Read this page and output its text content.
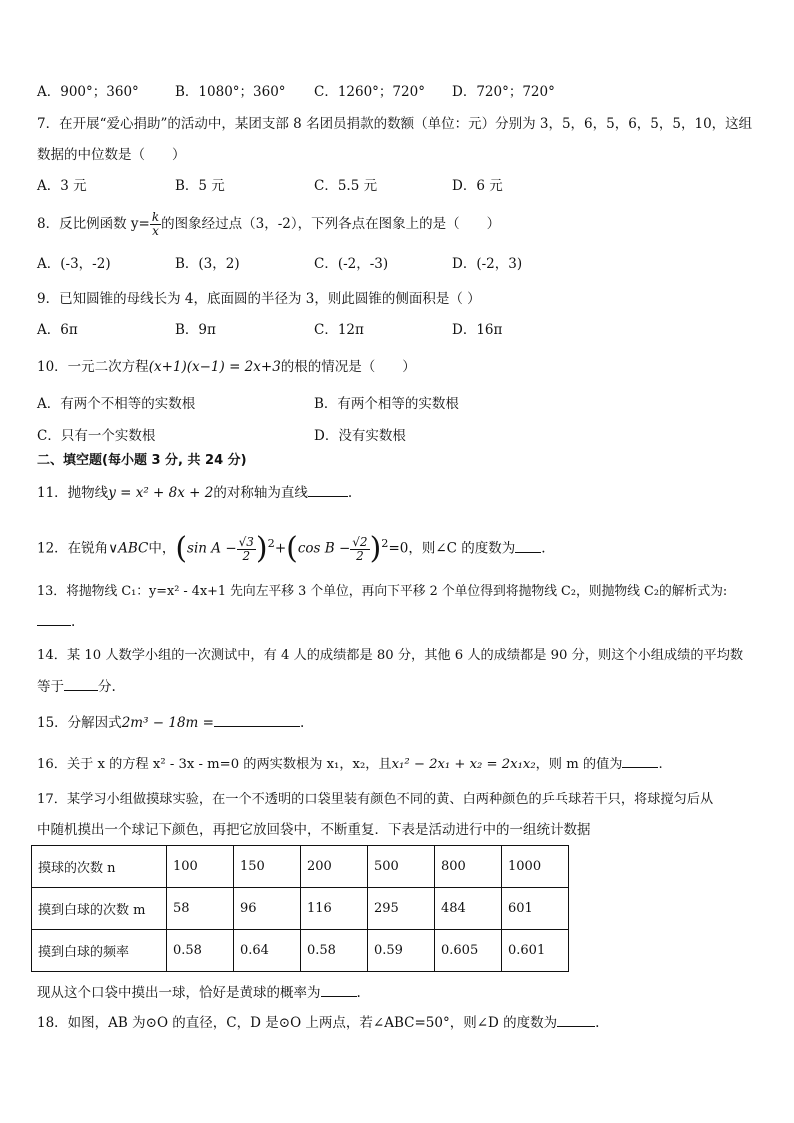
A．900°；360°	B．1080°；360° C．1260°；720° D．720°；720°
7．在开展“爱心捐助”的活动中，某团支部 8 名团员捐款的数额（单位：元）分别为 3，5，6，5，6，5，5，10，这组
数据的中位数是（　　）
A．3 元	B．5 元	C．5.5 元	D．6 元
8．反比例函数 $y= \frac{k}{x}$ 的图象经过点（3，-2），下列各点在图象上的是（　　）
A．(-3，-2)	B．(3，2)	C．(-2，-3)	D．(-2，3)
9．已知圆锥的母线长为 4，底面圆的半径为 3，则此圆锥的侧面积是（ ）
A．6π	B．9π	C．12π	D．16π
10．一元二次方程(x+1)(x−1) = 2x+3的根的情况是（　　）
A．有两个不相等的实数根	B．有两个相等的实数根
C．只有一个实数根	D．没有实数根
二、填空题(每小题 3 分, 共 24 分)
11．抛物线y = x² + 8x + 2的对称轴为直线	.
12．在锐角∨ABC中，(sin $A - \frac{√3}{2} )^2+(\cos$ $B - \frac{√2}{2} )^2=0$，则∠C 的度数为 .
13．将抛物线 C₁：y=x² - 4x+1 先向左平移 3 个单位，再向下平移 2 个单位得到将抛物线 C₂，则抛物线 C₂的解析式为:
.
14．某 10 人数学小组的一次测试中，有 4 人的成绩都是 80 分，其他 6 人的成绩都是 90 分，则这个小组成绩的平均数
等于	分.
15．分解因式2m³ − 18m =	.
16．关于 x 的方程 x² - 3x - m=0 的两实数根为 x₁，x₂，且x₁² − 2x₁ + x₂ = 2x₁x₂，则 m 的值为	.
17．某学习小组做摸球实验，在一个不透明的口袋里装有颜色不同的黄、白两种颜色的乒乓球若干只，将球搅匀后从
中随机摸出一个球记下颜色，再把它放回袋中，不断重复．下表是活动进行中的一组统计数据
摸球的次数 n	100	150	200	500	800	1000
摸到白球的次数 m	58	96	116	295	484	601
摸到白球的频率	0.58	0.64	0.58	0.59	0.605	0.601
现从这个口袋中摸出一球，恰好是黄球的概率为	.
18．如图，AB 为⊙O 的直径，C，D 是⊙O 上两点，若∠ABC=50°，则∠D 的度数为	.
